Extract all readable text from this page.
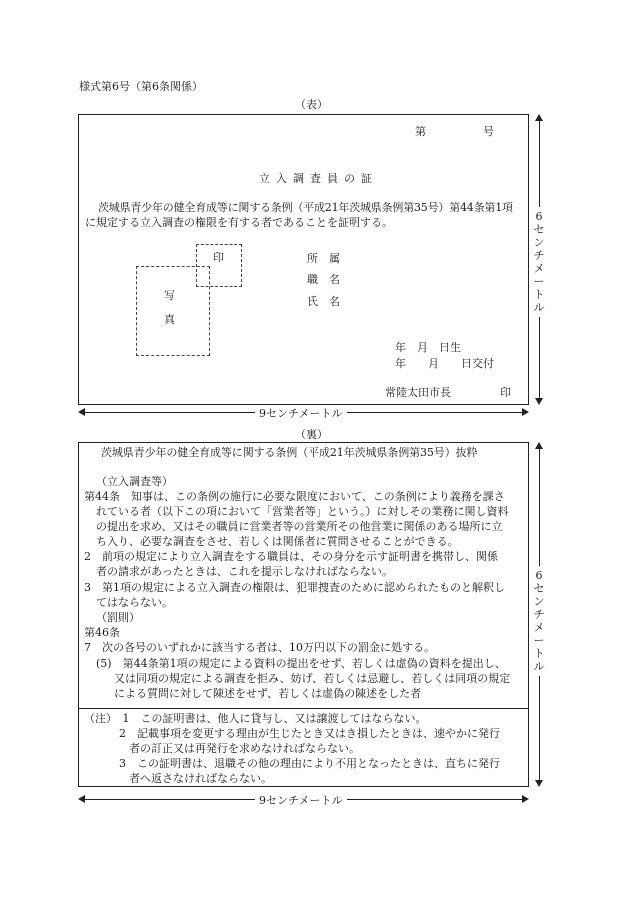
様式第6号（第6条関係）
（表）
第	号
立入調査員の証
茨城県青少年の健全育成等に関する条例（平成21年茨城県条例第35号）第44条第1項
に規定する立入調査の権限を有する者であることを証明する。
印
写
真
所　属
職　名
氏　名
年　月　日生
年　　月　　日交付
常陸太田市長	印
6
セ
ン
チ
メ
ー
ト
ル
9センチメートル
（裏）
茨城県青少年の健全育成等に関する条例（平成21年茨城県条例第35号）抜粋
（立入調査等）
第44条　知事は、この条例の施行に必要な限度において、この条例により義務を課さ
れている者（以下この項において「営業者等」という。）に対しその業務に関し資料
の提出を求め、又はその職員に営業者等の営業所その他営業に関係のある場所に立
ち入り、必要な調査をさせ、若しくは関係者に質問させることができる。
2　前項の規定により立入調査をする職員は、その身分を示す証明書を携帯し、関係
者の請求があったときは、これを提示しなければならない。
3　第1項の規定による立入調査の権限は、犯罪捜査のために認められたものと解釈し
てはならない。
（罰則）
第46条
7　次の各号のいずれかに該当する者は、10万円以下の罰金に処する。
(5)　第44条第1項の規定による資料の提出をせず、若しくは虚偽の資料を提出し、
又は同項の規定による調査を拒み、妨げ、若しくは忌避し、若しくは同項の規定
による質問に対して陳述をせず、若しくは虚偽の陳述をした者
（注）　1　この証明書は、他人に貸与し、又は譲渡してはならない。
2　記載事項を変更する理由が生じたとき又はき損したときは、速やかに発行
者の訂正又は再発行を求めなければならない。
3　この証明書は、退職その他の理由により不用となったときは、直ちに発行
者へ返さなければならない。
6
セ
ン
チ
メ
ー
ト
ル
9センチメートル
